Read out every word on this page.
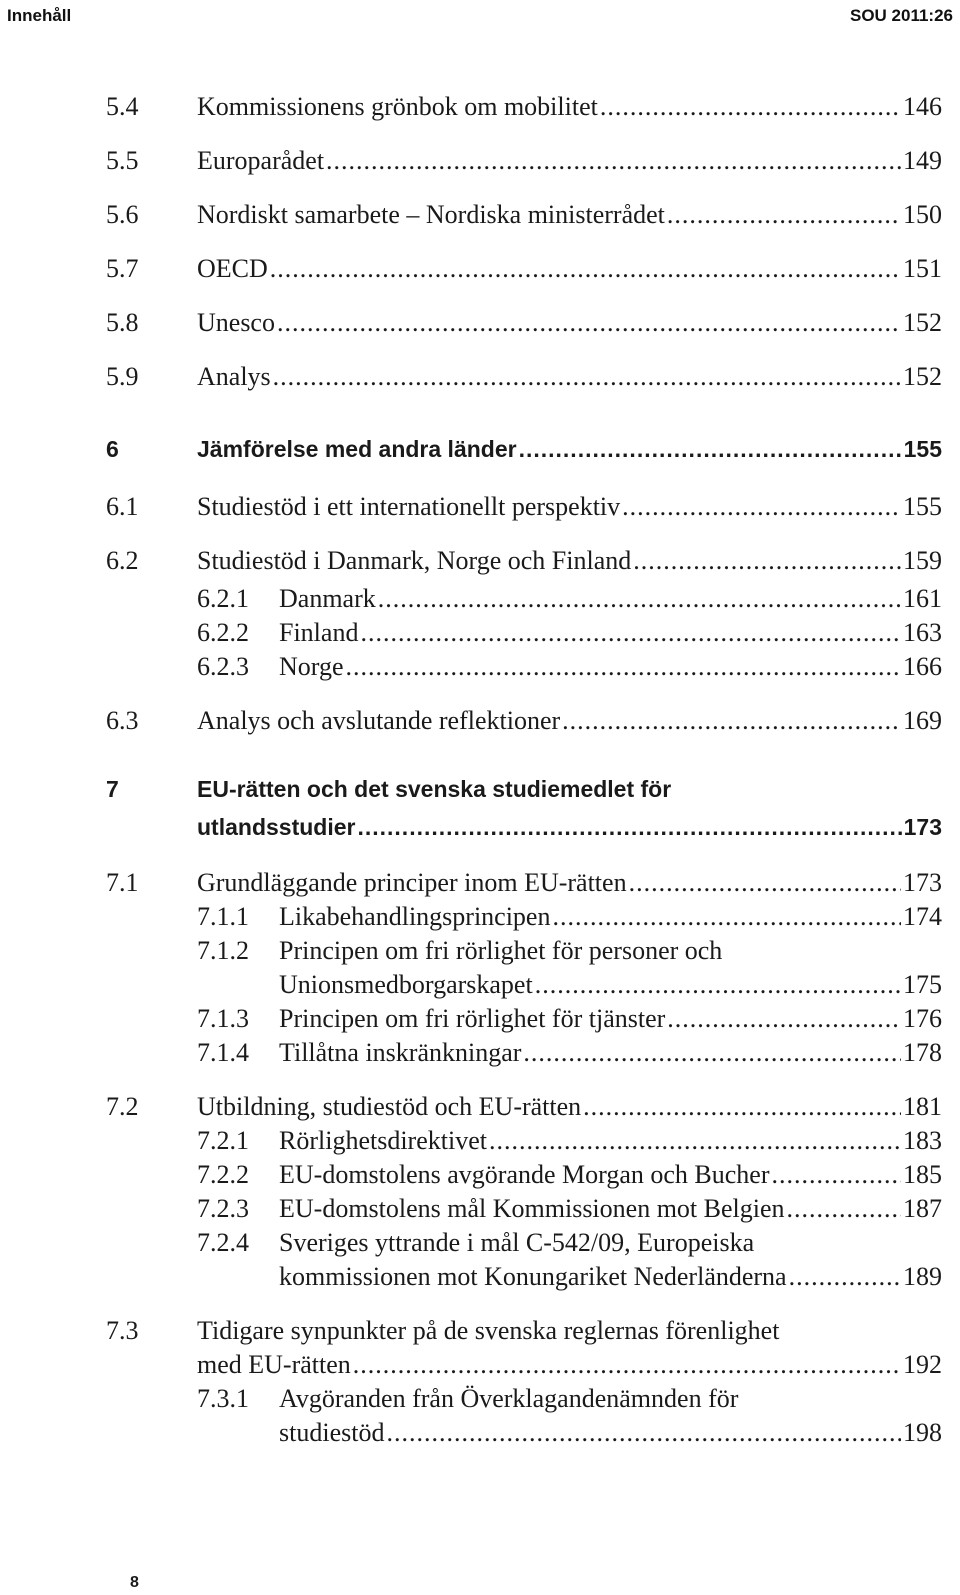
Innehåll	SOU 2011:26
5.4 Kommissionens grönbok om mobilitet .....	146
5.5 Europarådet .....	149
5.6 Nordiskt samarbete – Nordiska ministerrådet .....	150
5.7 OECD .....	151
5.8 Unesco .....	152
5.9 Analys .....	152
6	Jämförelse med andra länder .....	155
6.1 Studiestöd i ett internationellt perspektiv .....	155
6.2 Studiestöd i Danmark, Norge och Finland .....	159
6.2.1 Danmark .....	161
6.2.2 Finland .....	163
6.2.3 Norge .....	166
6.3 Analys och avslutande reflektioner .....	169
7	EU-rätten och det svenska studiemedlet för
utlandsstudier .....	173
7.1 Grundläggande principer inom EU-rätten .....	173
7.1.1 Likabehandlingsprincipen .....	174
7.1.2 Principen om fri rörlighet för personer och
Unionsmedborgarskapet .....	175
7.1.3 Principen om fri rörlighet för tjänster .....	176
7.1.4 Tillåtna inskränkningar .....	178
7.2 Utbildning, studiestöd och EU-rätten .....	181
7.2.1 Rörlighetsdirektivet .....	183
7.2.2 EU-domstolens avgörande Morgan och Bucher .....	185
7.2.3 EU-domstolens mål Kommissionen mot Belgien .....	187
7.2.4 Sveriges yttrande i mål C-542/09, Europeiska
kommissionen mot Konungariket Nederländerna .....	189
7.3 Tidigare synpunkter på de svenska reglernas förenlighet
med EU-rätten .....	192
7.3.1 Avgöranden från Överklagandenämnden för
studiestöd .....	198
8
